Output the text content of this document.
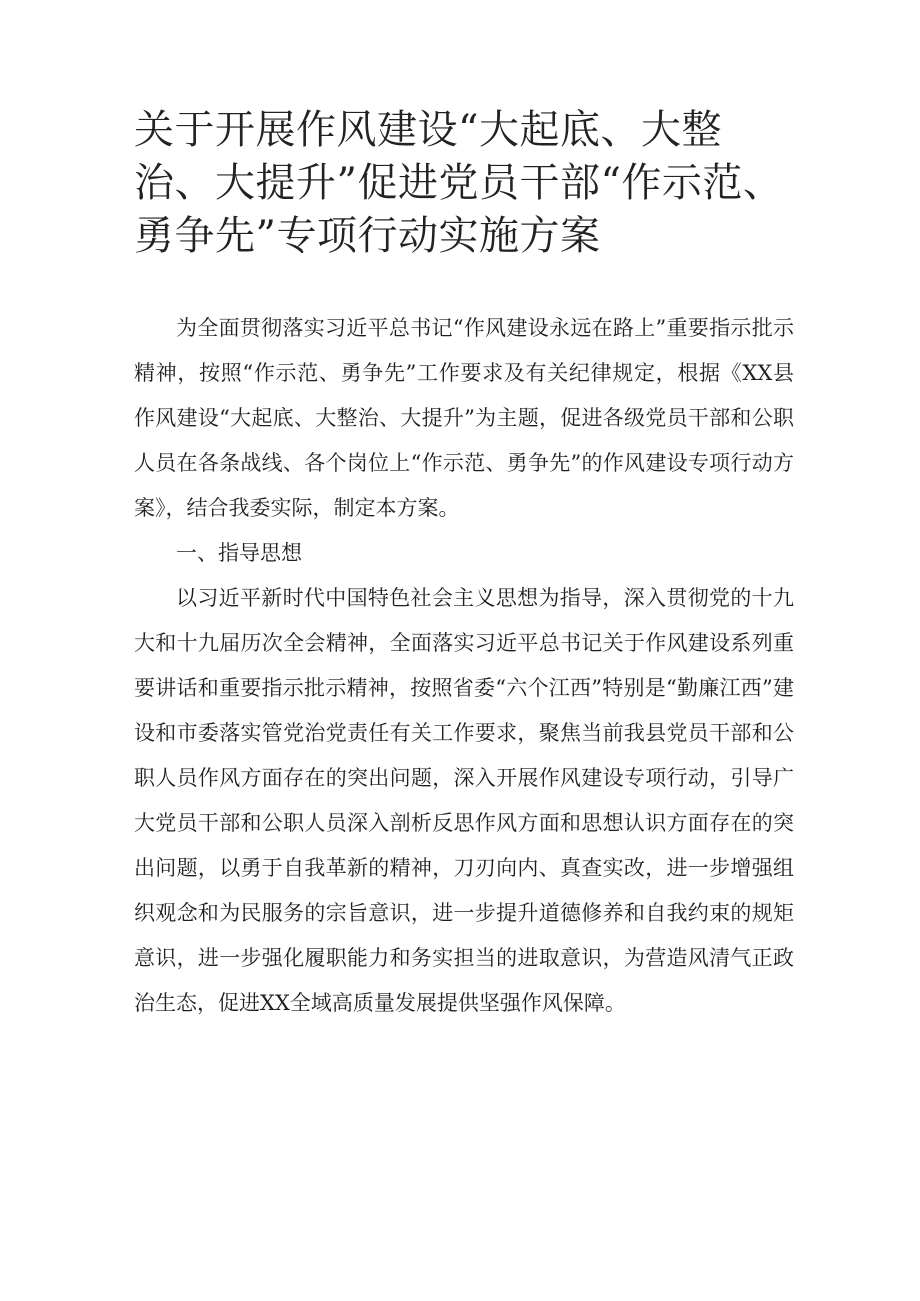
关于开展作风建设“大起底、大整治、大提升”促进党员干部“作示范、勇争先”专项行动实施方案

为全面贯彻落实习近平总书记“作风建设永远在路上”重要指示批示精神，按照“作示范、勇争先”工作要求及有关纪律规定，根据《XX县作风建设“大起底、大整治、大提升”为主题，促进各级党员干部和公职人员在各条战线、各个岗位上“作示范、勇争先”的作风建设专项行动方案》，结合我委实际，制定本方案。

一、指导思想

以习近平新时代中国特色社会主义思想为指导，深入贯彻党的十九大和十九届历次全会精神，全面落实习近平总书记关于作风建设系列重要讲话和重要指示批示精神，按照省委“六个江西”特别是“勤廉江西”建设和市委落实管党治党责任有关工作要求，聚焦当前我县党员干部和公职人员作风方面存在的突出问题，深入开展作风建设专项行动，引导广大党员干部和公职人员深入剖析反思作风方面和思想认识方面存在的突出问题，以勇于自我革新的精神，刀刃向内、真查实改，进一步增强组织观念和为民服务的宗旨意识，进一步提升道德修养和自我约束的规矩意识，进一步强化履职能力和务实担当的进取意识，为营造风清气正政治生态，促进XX全域高质量发展提供坚强作风保障。
